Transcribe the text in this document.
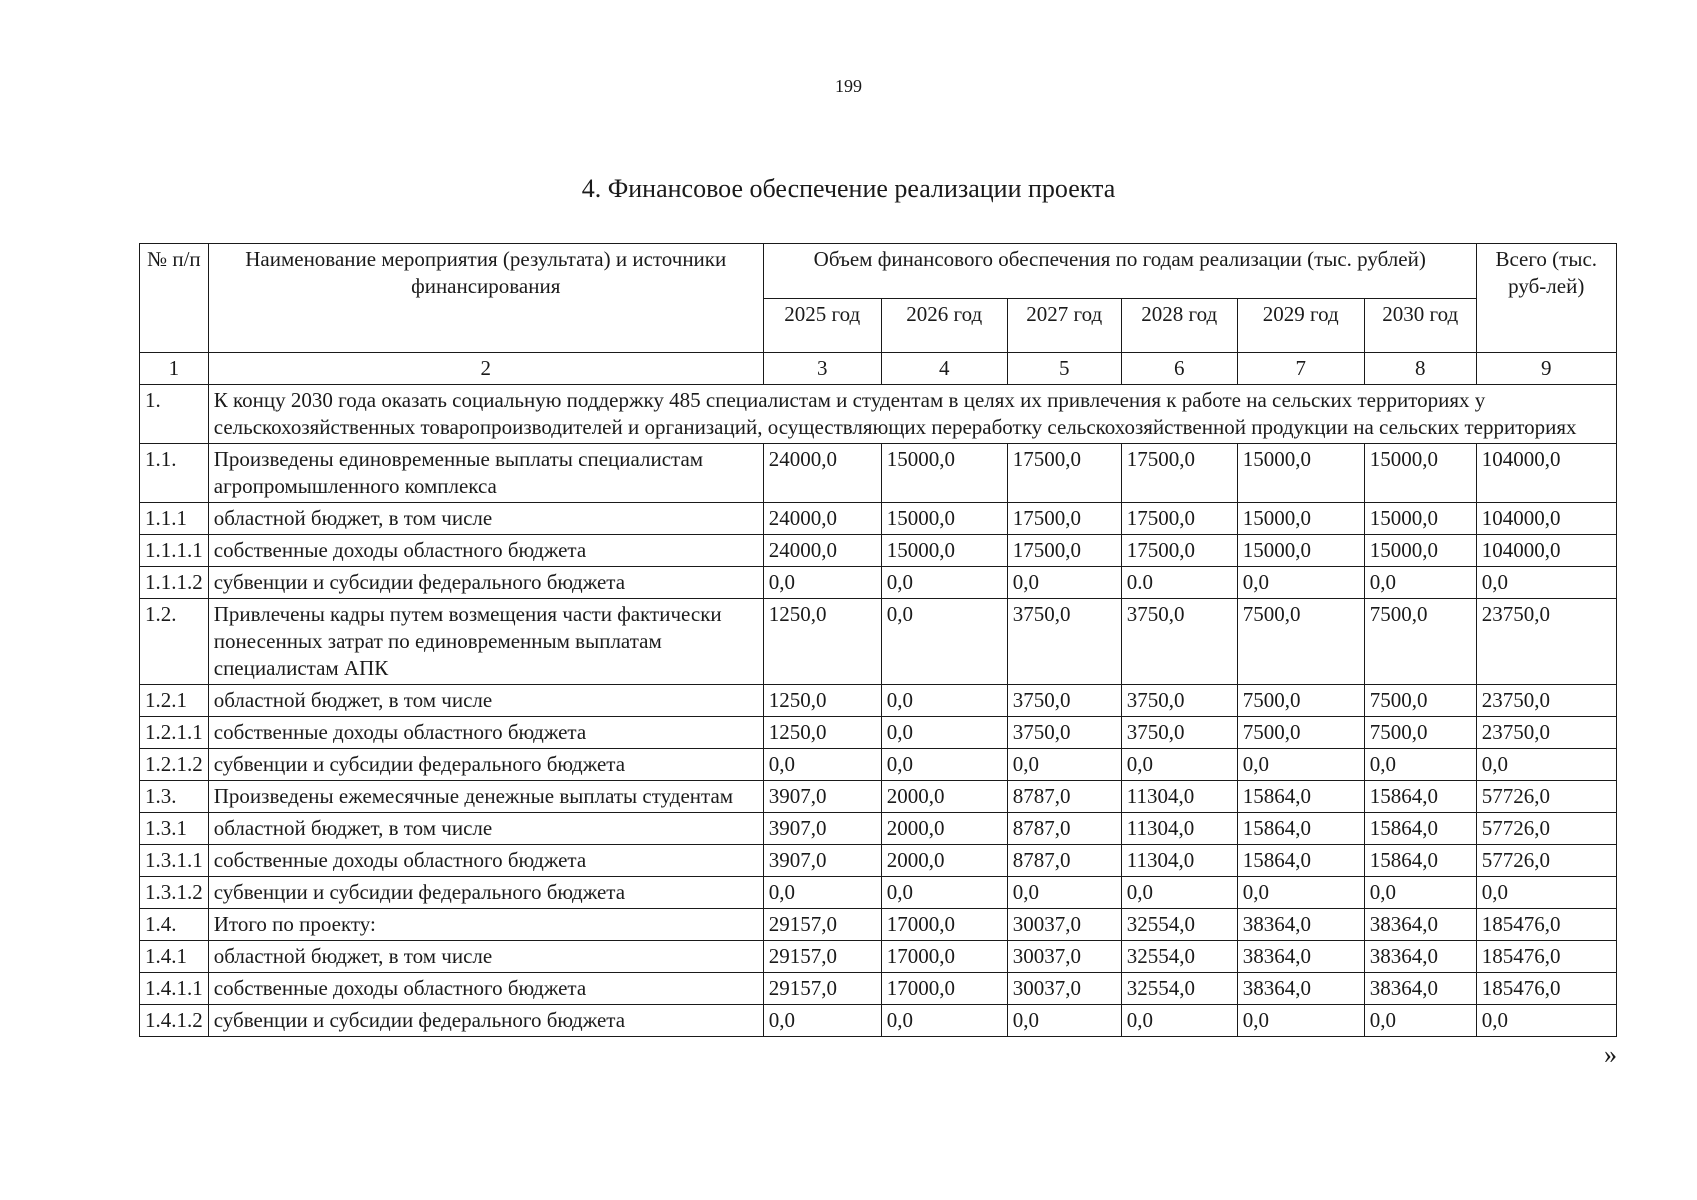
199
4. Финансовое обеспечение реализации проекта
№ п/п	Наименование мероприятия (результата) и источники финансирования	Объем финансового обеспечения по годам реализации (тыс. рублей)						Всего (тыс. руб-лей)
		2025 год	2026 год	2027 год	2028 год	2029 год	2030 год	
1	2	3	4	5	6	7	8	9
1.	К концу 2030 года оказать социальную поддержку 485 специалистам и студентам в целях их привлечения к работе на сельских территориях у сельскохозяйственных товаропроизводителей и организаций, осуществляющих переработку сельскохозяйственной продукции на сельских территориях							
1.1.	Произведены единовременные выплаты специалистам агропромышленного комплекса	24000,0	15000,0	17500,0	17500,0	15000,0	15000,0	104000,0
1.1.1	областной бюджет, в том числе	24000,0	15000,0	17500,0	17500,0	15000,0	15000,0	104000,0
1.1.1.1	собственные доходы областного бюджета	24000,0	15000,0	17500,0	17500,0	15000,0	15000,0	104000,0
1.1.1.2	субвенции и субсидии федерального бюджета	0,0	0,0	0,0	0.0	0,0	0,0	0,0
1.2.	Привлечены кадры путем возмещения части фактически понесенных затрат по единовременным выплатам специалистам АПК	1250,0	0,0	3750,0	3750,0	7500,0	7500,0	23750,0
1.2.1	областной бюджет, в том числе	1250,0	0,0	3750,0	3750,0	7500,0	7500,0	23750,0
1.2.1.1	собственные доходы областного бюджета	1250,0	0,0	3750,0	3750,0	7500,0	7500,0	23750,0
1.2.1.2	субвенции и субсидии федерального бюджета	0,0	0,0	0,0	0,0	0,0	0,0	0,0
1.3.	Произведены ежемесячные денежные выплаты студентам	3907,0	2000,0	8787,0	11304,0	15864,0	15864,0	57726,0
1.3.1	областной бюджет, в том числе	3907,0	2000,0	8787,0	11304,0	15864,0	15864,0	57726,0
1.3.1.1	собственные доходы областного бюджета	3907,0	2000,0	8787,0	11304,0	15864,0	15864,0	57726,0
1.3.1.2	субвенции и субсидии федерального бюджета	0,0	0,0	0,0	0,0	0,0	0,0	0,0
1.4.	Итого по проекту:	29157,0	17000,0	30037,0	32554,0	38364,0	38364,0	185476,0
1.4.1	областной бюджет, в том числе	29157,0	17000,0	30037,0	32554,0	38364,0	38364,0	185476,0
1.4.1.1	собственные доходы областного бюджета	29157,0	17000,0	30037,0	32554,0	38364,0	38364,0	185476,0
1.4.1.2	субвенции и субсидии федерального бюджета	0,0	0,0	0,0	0,0	0,0	0,0	0,0
»
